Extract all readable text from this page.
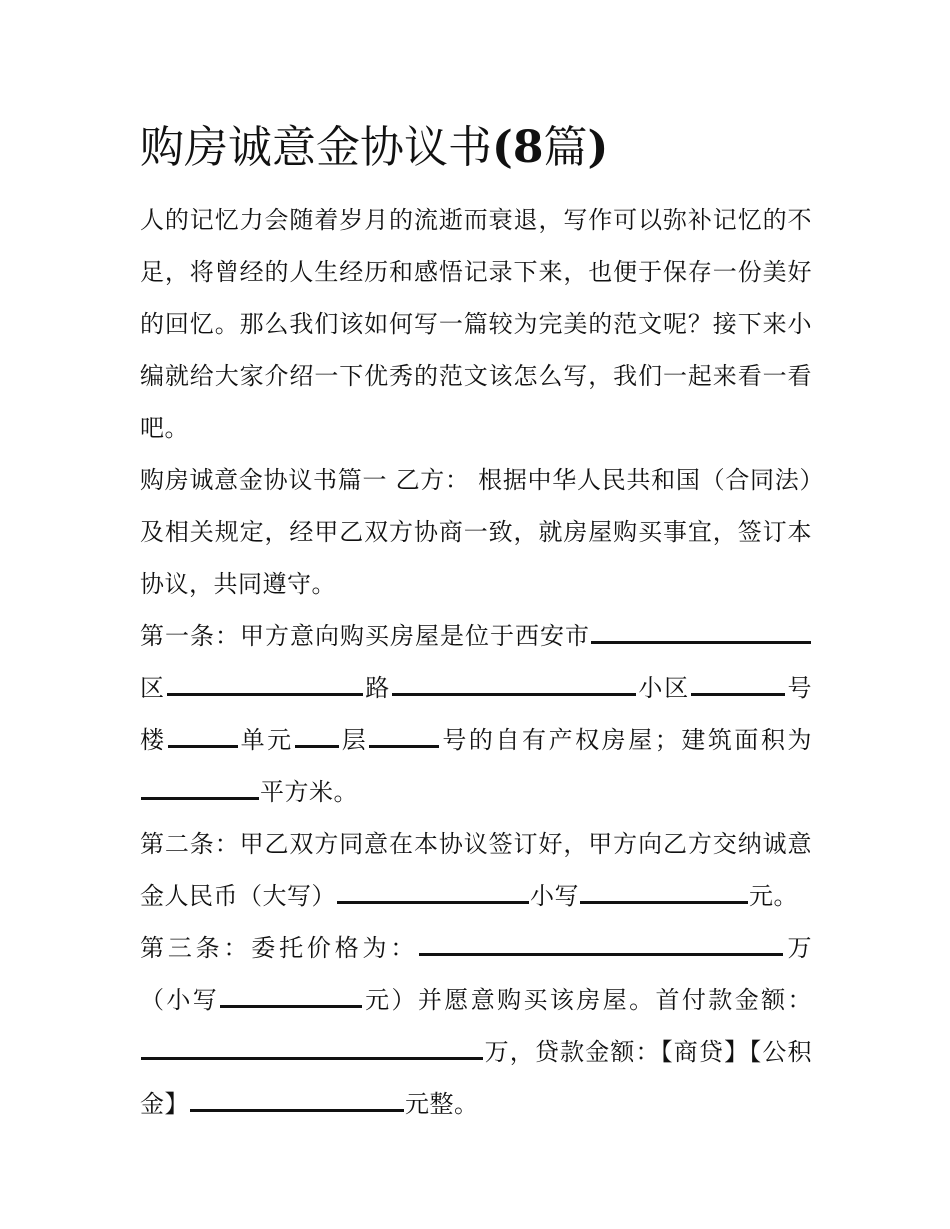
购房诚意金协议书(8篇)

人的记忆力会随着岁月的流逝而衰退，写作可以弥补记忆的不足，将曾经的人生经历和感悟记录下来，也便于保存一份美好的回忆。那么我们该如何写一篇较为完美的范文呢？接下来小编就给大家介绍一下优秀的范文该怎么写，我们一起来看一看吧。

购房诚意金协议书篇一 乙方： 根据中华人民共和国（合同法）及相关规定，经甲乙双方协商一致，就房屋购买事宜，签订本协议，共同遵守。

第一条：甲方意向购买房屋是位于西安市区	路	小区	号楼	单元 层	号的自有产权房屋；建筑面积为平方米。

第二条：甲乙双方同意在本协议签订好，甲方向乙方交纳诚意金人民币（大写）	小写	元。

第三条：委托价格为：	万（小写	元）并愿意购买该房屋。首付款金额：万，贷款金额：【商贷】【公积金】	元整。
